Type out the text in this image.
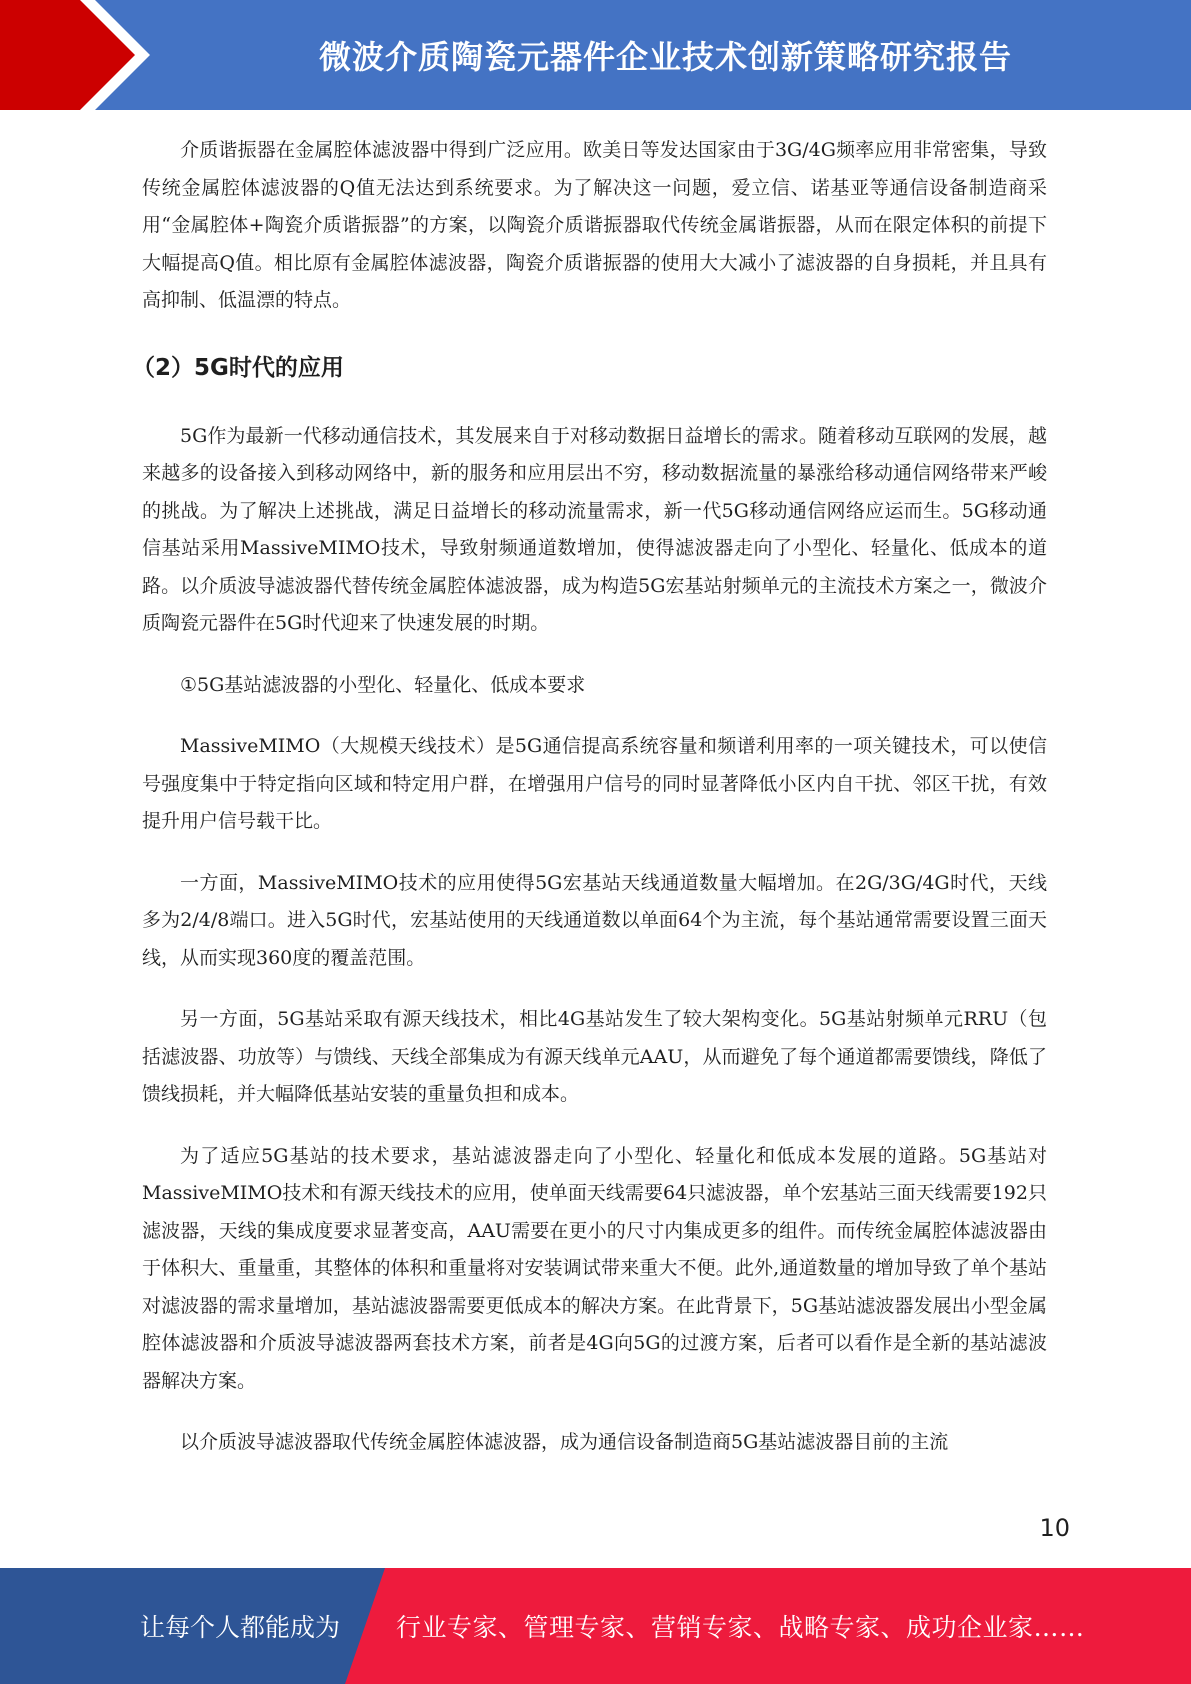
微波介质陶瓷元器件企业技术创新策略研究报告

介质谐振器在金属腔体滤波器中得到广泛应用。欧美日等发达国家由于3G/4G频率应用非常密集，导致传统金属腔体滤波器的Q值无法达到系统要求。为了解决这一问题，爱立信、诺基亚等通信设备制造商采用“金属腔体+陶瓷介质谐振器”的方案，以陶瓷介质谐振器取代传统金属谐振器，从而在限定体积的前提下大幅提高Q值。相比原有金属腔体滤波器，陶瓷介质谐振器的使用大大减小了滤波器的自身损耗，并且具有高抑制、低温漂的特点。

（2）5G时代的应用

5G作为最新一代移动通信技术，其发展来自于对移动数据日益增长的需求。随着移动互联网的发展，越来越多的设备接入到移动网络中，新的服务和应用层出不穷，移动数据流量的暴涨给移动通信网络带来严峻的挑战。为了解决上述挑战，满足日益增长的移动流量需求，新一代5G移动通信网络应运而生。5G移动通信基站采用MassiveMIMO技术，导致射频通道数增加，使得滤波器走向了小型化、轻量化、低成本的道路。以介质波导滤波器代替传统金属腔体滤波器，成为构造5G宏基站射频单元的主流技术方案之一，微波介质陶瓷元器件在5G时代迎来了快速发展的时期。

①5G基站滤波器的小型化、轻量化、低成本要求

MassiveMIMO（大规模天线技术）是5G通信提高系统容量和频谱利用率的一项关键技术，可以使信号强度集中于特定指向区域和特定用户群，在增强用户信号的同时显著降低小区内自干扰、邻区干扰，有效提升用户信号载干比。

一方面，MassiveMIMO技术的应用使得5G宏基站天线通道数量大幅增加。在2G/3G/4G时代，天线多为2/4/8端口。进入5G时代，宏基站使用的天线通道数以单面64个为主流，每个基站通常需要设置三面天线，从而实现360度的覆盖范围。

另一方面，5G基站采取有源天线技术，相比4G基站发生了较大架构变化。5G基站射频单元RRU（包括滤波器、功放等）与馈线、天线全部集成为有源天线单元AAU，从而避免了每个通道都需要馈线，降低了馈线损耗，并大幅降低基站安装的重量负担和成本。

为了适应5G基站的技术要求，基站滤波器走向了小型化、轻量化和低成本发展的道路。5G基站对MassiveMIMO技术和有源天线技术的应用，使单面天线需要64只滤波器，单个宏基站三面天线需要192只滤波器，天线的集成度要求显著变高，AAU需要在更小的尺寸内集成更多的组件。而传统金属腔体滤波器由于体积大、重量重，其整体的体积和重量将对安装调试带来重大不便。此外,通道数量的增加导致了单个基站对滤波器的需求量增加，基站滤波器需要更低成本的解决方案。在此背景下，5G基站滤波器发展出小型金属腔体滤波器和介质波导滤波器两套技术方案，前者是4G向5G的过渡方案，后者可以看作是全新的基站滤波器解决方案。

以介质波导滤波器取代传统金属腔体滤波器，成为通信设备制造商5G基站滤波器目前的主流

10
让每个人都能成为 行业专家、管理专家、营销专家、战略专家、成功企业家……
